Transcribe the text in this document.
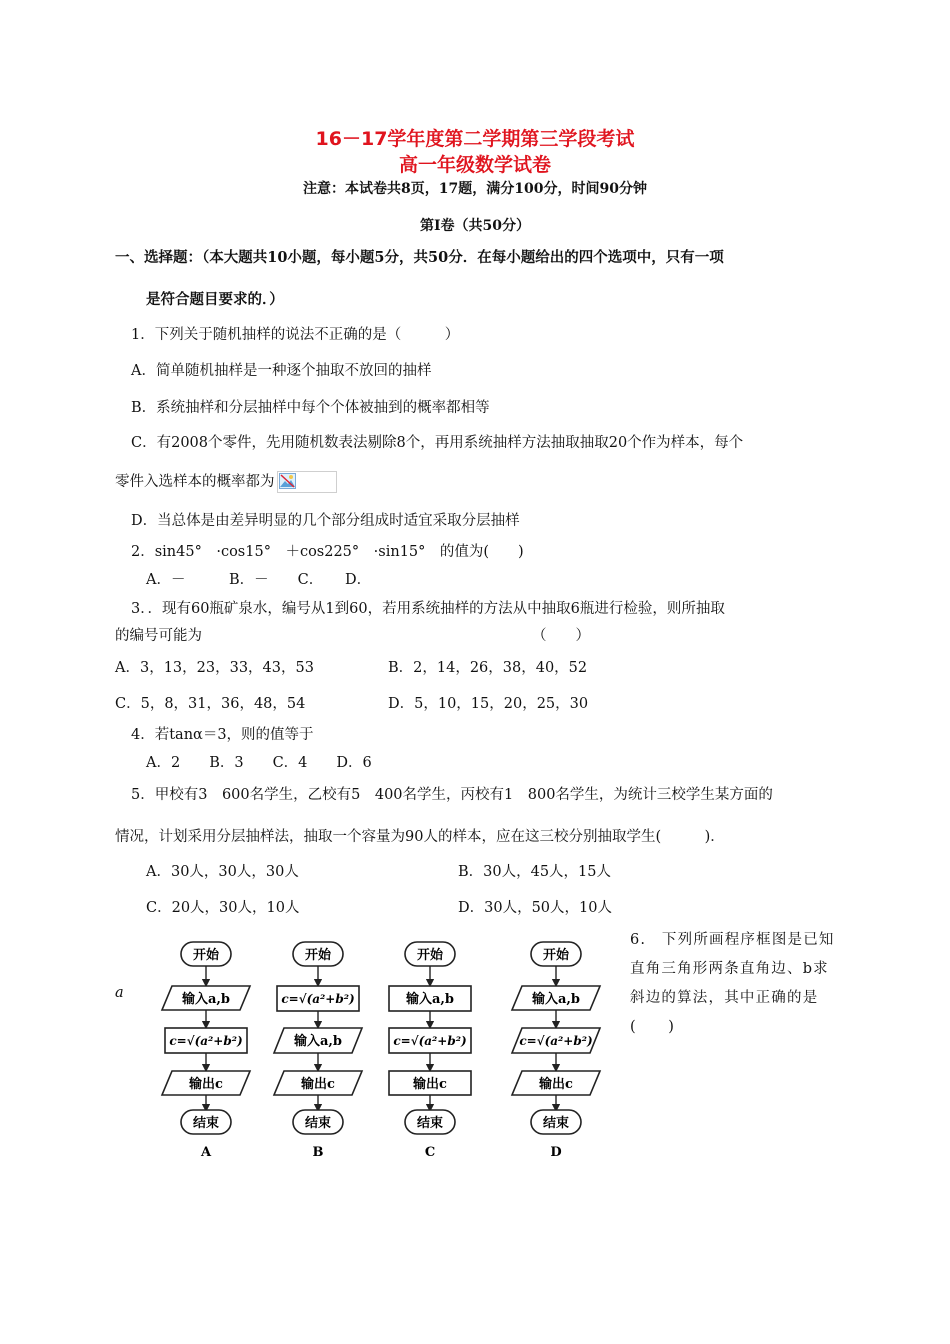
16－17学年度第二学期第三学段考试
高一年级数学试卷
注意：本试卷共8页，17题，满分100分，时间90分钟
第Ⅰ卷（共50分）
一、选择题：（本大题共10小题，每小题5分，共50分．在每小题给出的四个选项中，只有一项
是符合题目要求的．）
1．下列关于随机抽样的说法不正确的是（　　　）
A．简单随机抽样是一种逐个抽取不放回的抽样
B．系统抽样和分层抽样中每个个体被抽到的概率都相等
C．有2008个零件，先用随机数表法剔除8个，再用系统抽样方法抽取抽取20个作为样本，每个
零件入选样本的概率都为
D．当总体是由差异明显的几个部分组成时适宜采取分层抽样
2．sin45°　·cos15°　＋cos225°　·sin15°　的值为(　　)
A．－　　　B．－　　C．　　D．
3．．现有60瓶矿泉水，编号从1到60，若用系统抽样的方法从中抽取6瓶进行检验，则所抽取
的编号可能为	（　　）
A．3，13，23，33，43，53	B．2，14，26，38，40，52
C．5，8，31，36，48，54	D．5，10，15，20，25，30
4．若tanα＝3，则的值等于
A．2　　B．3　　C．4　　D．6
5．甲校有3　600名学生，乙校有5　400名学生，丙校有1　800名学生，为统计三校学生某方面的
情况，计划采用分层抽样法，抽取一个容量为90人的样本，应在这三校分别抽取学生(　　　)．
A．30人，30人，30人	B．30人，45人，15人
C．20人，30人，10人	D．30人，50人，10人
a
6.　下列所画程序框图是已知直角三角形两条直角边、b求斜边的算法，其中正确的是(　　)
开始
输入a,b
c=√(a²+b²)
输出c
结束
A
开始
c=√(a²+b²)
输入a,b
输出c
结束
B
开始
输入a,b
c=√(a²+b²)
输出c
结束
C
开始
输入a,b
c=√(a²+b²)
输出c
结束
D
